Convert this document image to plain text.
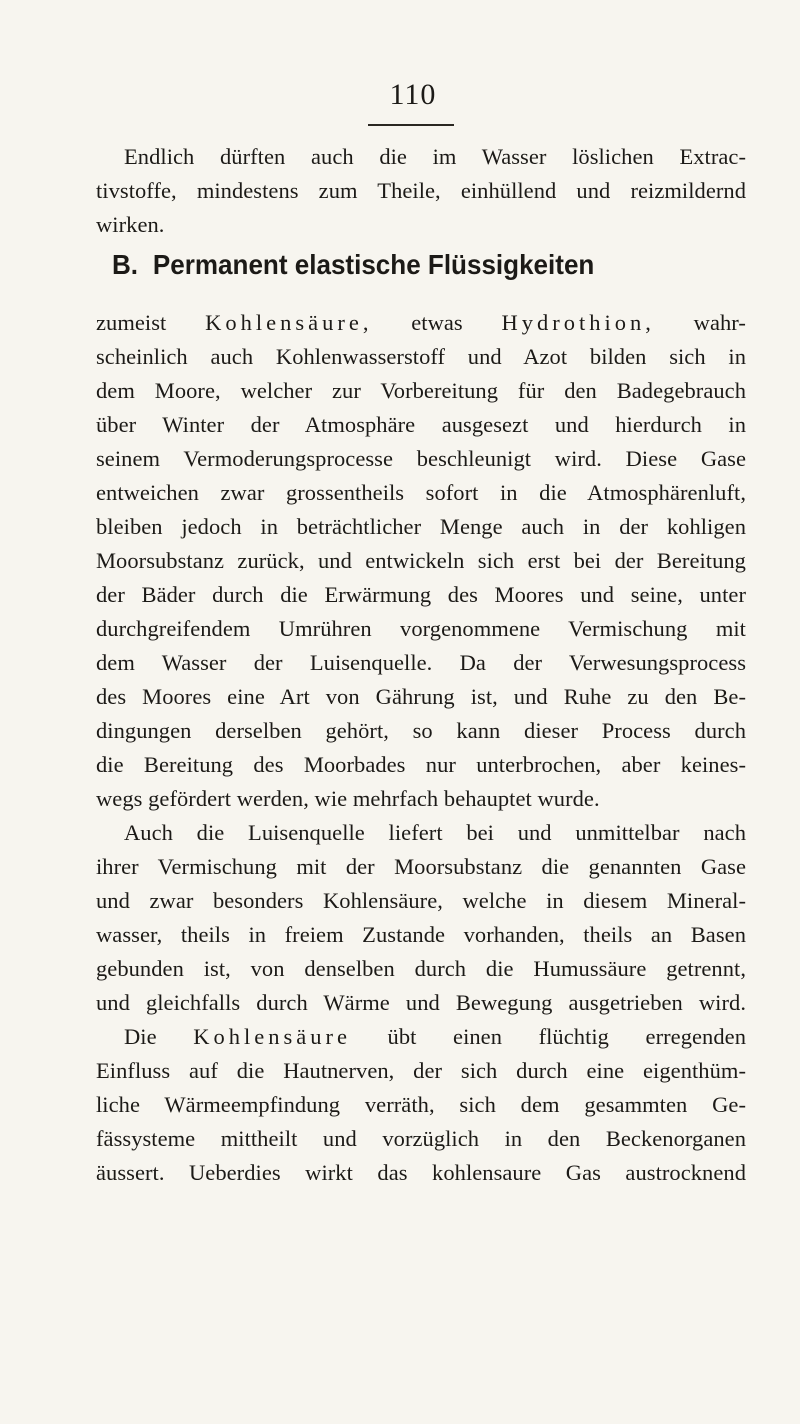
110
Endlich dürften auch die im Wasser löslichen Extrac-
tivstoffe, mindestens zum Theile, einhüllend und reizmildernd
wirken.
B. Permanent elastische Flüssigkeiten
zumeist Kohlensäure, etwas Hydrothion, wahr-
scheinlich auch Kohlenwasserstoff und Azot bilden sich in
dem Moore, welcher zur Vorbereitung für den Badegebrauch
über Winter der Atmosphäre ausgesezt und hierdurch in
seinem Vermoderungsprocesse beschleunigt wird. Diese Gase
entweichen zwar grossentheils sofort in die Atmosphärenluft,
bleiben jedoch in beträchtlicher Menge auch in der kohligen
Moorsubstanz zurück, und entwickeln sich erst bei der Bereitung
der Bäder durch die Erwärmung des Moores und seine, unter
durchgreifendem Umrühren vorgenommene Vermischung mit
dem Wasser der Luisenquelle. Da der Verwesungsprocess
des Moores eine Art von Gährung ist, und Ruhe zu den Be-
dingungen derselben gehört, so kann dieser Process durch
die Bereitung des Moorbades nur unterbrochen, aber keines-
wegs gefördert werden, wie mehrfach behauptet wurde.
Auch die Luisenquelle liefert bei und unmittelbar nach
ihrer Vermischung mit der Moorsubstanz die genannten Gase
und zwar besonders Kohlensäure, welche in diesem Mineral-
wasser, theils in freiem Zustande vorhanden, theils an Basen
gebunden ist, von denselben durch die Humussäure getrennt,
und gleichfalls durch Wärme und Bewegung ausgetrieben wird.
Die Kohlensäure übt einen flüchtig erregenden
Einfluss auf die Hautnerven, der sich durch eine eigenthüm-
liche Wärmeempfindung verräth, sich dem gesammten Ge-
fässysteme mittheilt und vorzüglich in den Beckenorganen
äussert. Ueberdies wirkt das kohlensaure Gas austrocknend
